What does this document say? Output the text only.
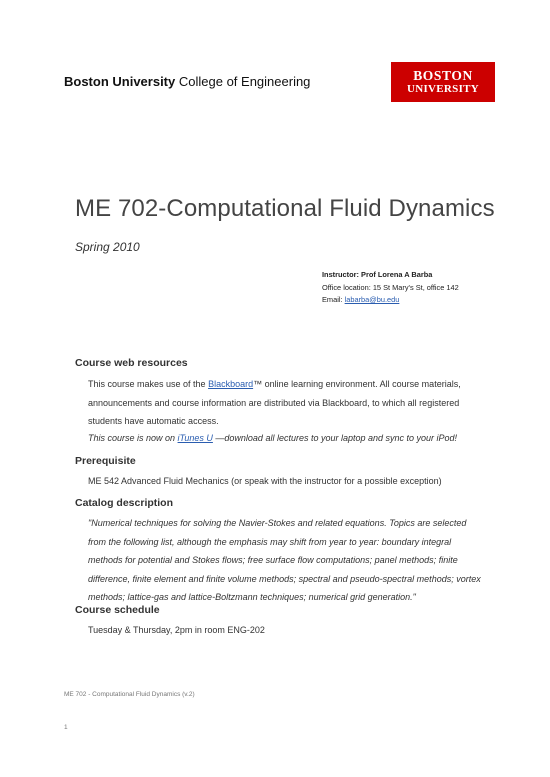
Boston University College of Engineering	BOSTON
UNIVERSITY
ME 702-Computational Fluid Dynamics
Spring 2010
Instructor: Prof Lorena A Barba
Office location: 15 St Mary's St, office 142
Email: labarba@bu.edu
Course web resources
This course makes use of the Blackboard™ online learning environment. All course materials, announcements and course information are distributed via Blackboard, to which all registered students have automatic access.
This course is now on iTunes U —download all lectures to your laptop and sync to your iPod!
Prerequisite
ME 542 Advanced Fluid Mechanics (or speak with the instructor for a possible exception)
Catalog description
"Numerical techniques for solving the Navier-Stokes and related equations. Topics are selected from the following list, although the emphasis may shift from year to year: boundary integral methods for potential and Stokes flows; free surface flow computations; panel methods; finite difference, finite element and finite volume methods; spectral and pseudo-spectral methods; vortex methods; lattice-gas and lattice-Boltzmann techniques; numerical grid generation."
Course schedule
Tuesday & Thursday, 2pm in room ENG-202
ME 702 - Computational Fluid Dynamics (v.2)
1
